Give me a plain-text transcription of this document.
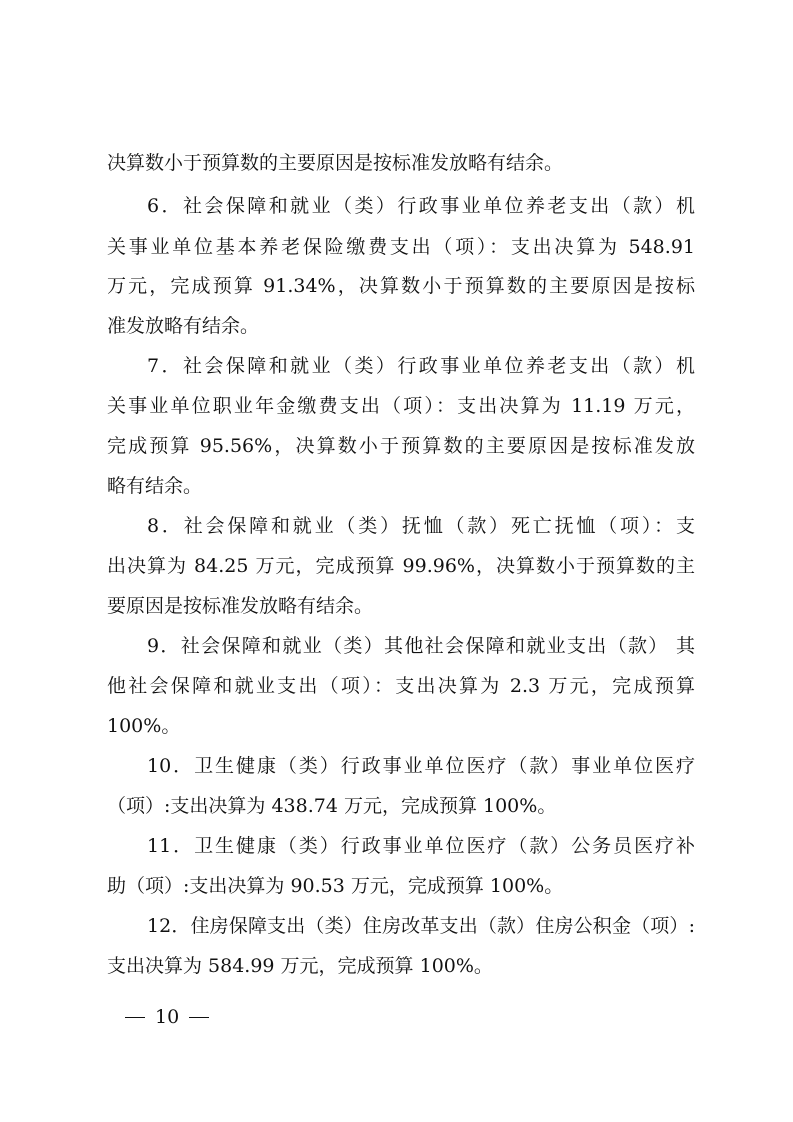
决算数小于预算数的主要原因是按标准发放略有结余。
6．社会保障和就业（类）行政事业单位养老支出（款）机
关事业单位基本养老保险缴费支出（项）：支出决算为 548.91
万元，完成预算 91.34%，决算数小于预算数的主要原因是按标
准发放略有结余。
7．社会保障和就业（类）行政事业单位养老支出（款）机
关事业单位职业年金缴费支出（项）：支出决算为 11.19 万元，
完成预算 95.56%，决算数小于预算数的主要原因是按标准发放
略有结余。
8．社会保障和就业（类）抚恤（款）死亡抚恤（项）：支
出决算为 84.25 万元，完成预算 99.96%，决算数小于预算数的主
要原因是按标准发放略有结余。
9．社会保障和就业（类）其他社会保障和就业支出（款） 其
他社会保障和就业支出（项）：支出决算为 2.3 万元，完成预算
100%。
10．卫生健康（类）行政事业单位医疗（款）事业单位医疗
（项）:支出决算为 438.74 万元，完成预算 100%。
11．卫生健康（类）行政事业单位医疗（款）公务员医疗补
助（项）:支出决算为 90.53 万元，完成预算 100%。
12．住房保障支出（类）住房改革支出（款）住房公积金（项）:
支出决算为 584.99 万元，完成预算 100%。
10
